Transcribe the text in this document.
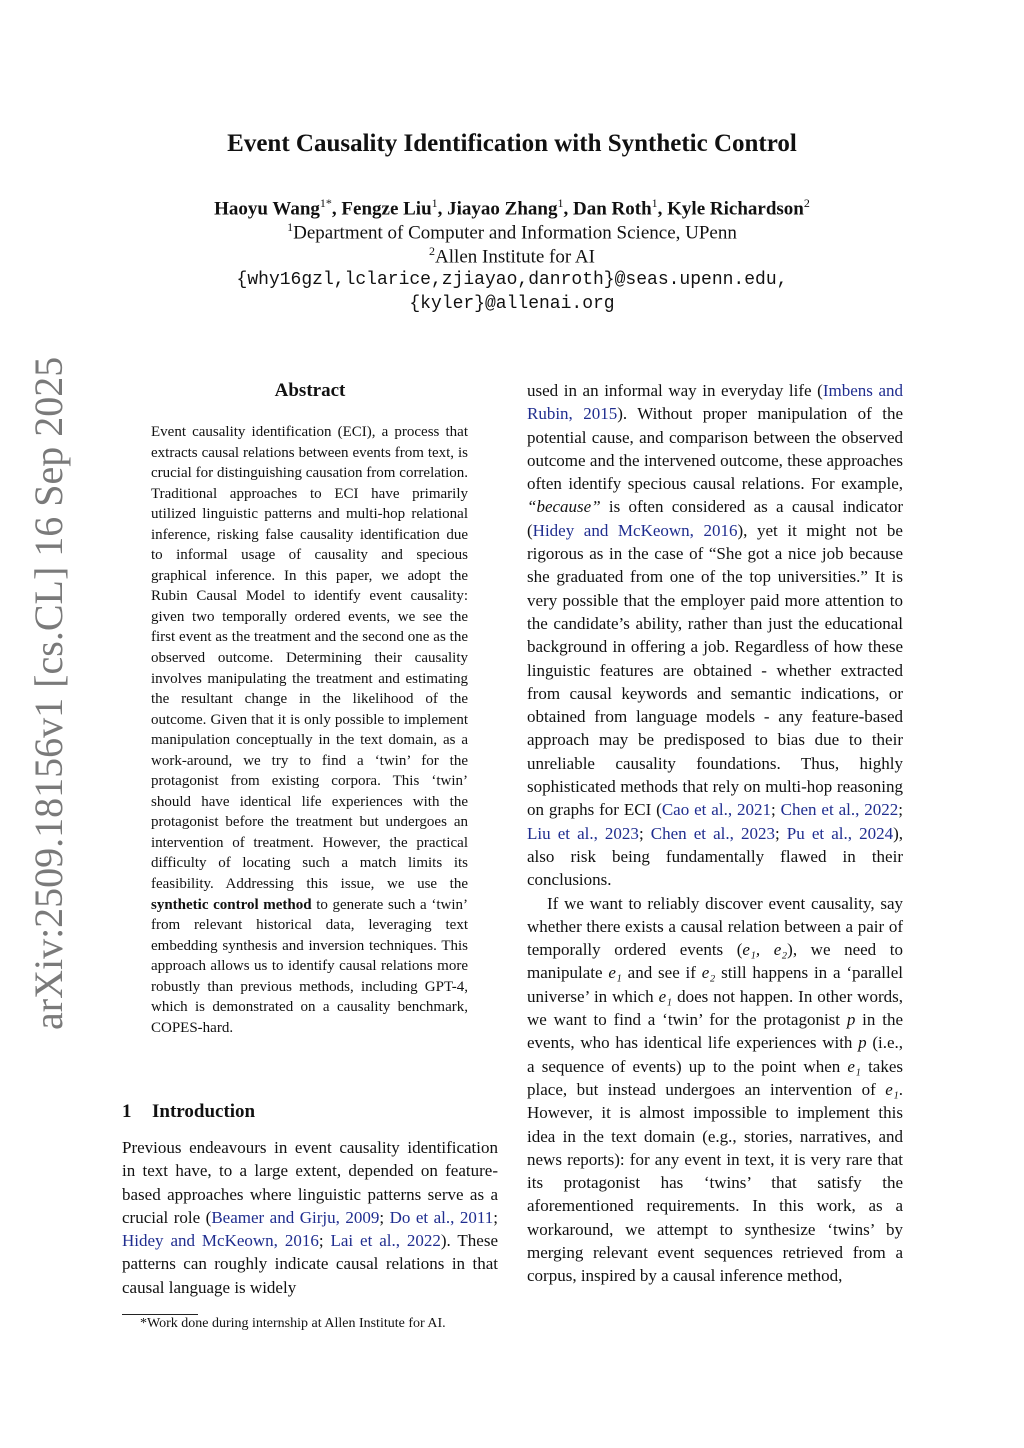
arXiv:2509.18156v1 [cs.CL] 16 Sep 2025
Event Causality Identification with Synthetic Control
Haoyu Wang$^{1*}$, Fengze Liu$^1$, Jiayao Zhang$^1$, Dan Roth$^1$, Kyle Richardson$^2$
$^1$Department of Computer and Information Science, UPenn
$^2$Allen Institute for AI
{why16gzl,lclarice,zjiayao,danroth}@seas.upenn.edu,
{kyler}@allenai.org
Abstract
Event causality identification (ECI), a process that extracts causal relations between events from text, is crucial for distinguishing causation from correlation. Traditional approaches to ECI have primarily utilized linguistic patterns and multi-hop relational inference, risking false causality identification due to informal usage of causality and specious graphical inference. In this paper, we adopt the Rubin Causal Model to identify event causality: given two temporally ordered events, we see the first event as the treatment and the second one as the observed outcome. Determining their causality involves manipulating the treatment and estimating the resultant change in the likelihood of the outcome. Given that it is only possible to implement manipulation conceptually in the text domain, as a work-around, we try to find a ‘twin’ for the protagonist from existing corpora. This ‘twin’ should have identical life experiences with the protagonist before the treatment but undergoes an intervention of treatment. However, the practical difficulty of locating such a match limits its feasibility. Addressing this issue, we use the synthetic control method to generate such a ‘twin’ from relevant historical data, leveraging text embedding synthesis and inversion techniques. This approach allows us to identify causal relations more robustly than previous methods, including GPT-4, which is demonstrated on a causality benchmark, COPES-hard.
1 Introduction
Previous endeavours in event causality identification in text have, to a large extent, depended on feature-based approaches where linguistic patterns serve as a crucial role (Beamer and Girju, 2009; Do et al., 2011; Hidey and McKeown, 2016; Lai et al., 2022). These patterns can roughly indicate causal relations in that causal language is widely
*Work done during internship at Allen Institute for AI.

used in an informal way in everyday life (Imbens and Rubin, 2015). Without proper manipulation of the potential cause, and comparison between the observed outcome and the intervened outcome, these approaches often identify specious causal relations. For example, “because” is often considered as a causal indicator (Hidey and McKeown, 2016), yet it might not be rigorous as in the case of “She got a nice job because she graduated from one of the top universities.” It is very possible that the employer paid more attention to the candidate’s ability, rather than just the educational background in offering a job. Regardless of how these linguistic features are obtained - whether extracted from causal keywords and semantic indications, or obtained from language models - any feature-based approach may be predisposed to bias due to their unreliable causality foundations. Thus, highly sophisticated methods that rely on multi-hop reasoning on graphs for ECI (Cao et al., 2021; Chen et al., 2022; Liu et al., 2023; Chen et al., 2023; Pu et al., 2024), also risk being fundamentally flawed in their conclusions.

If we want to reliably discover event causality, say whether there exists a causal relation between a pair of temporally ordered events (e₁, e₂), we need to manipulate e₁ and see if e₂ still happens in a ‘parallel universe’ in which e₁ does not happen. In other words, we want to find a ‘twin’ for the protagonist p in the events, who has identical life experiences with p (i.e., a sequence of events) up to the point when e₁ takes place, but instead undergoes an intervention of e₁. However, it is almost impossible to implement this idea in the text domain (e.g., stories, narratives, and news reports): for any event in text, it is very rare that its protagonist has ‘twins’ that satisfy the aforementioned requirements. In this work, as a workaround, we attempt to synthesize ‘twins’ by merging relevant event sequences retrieved from a corpus, inspired by a causal inference method,
